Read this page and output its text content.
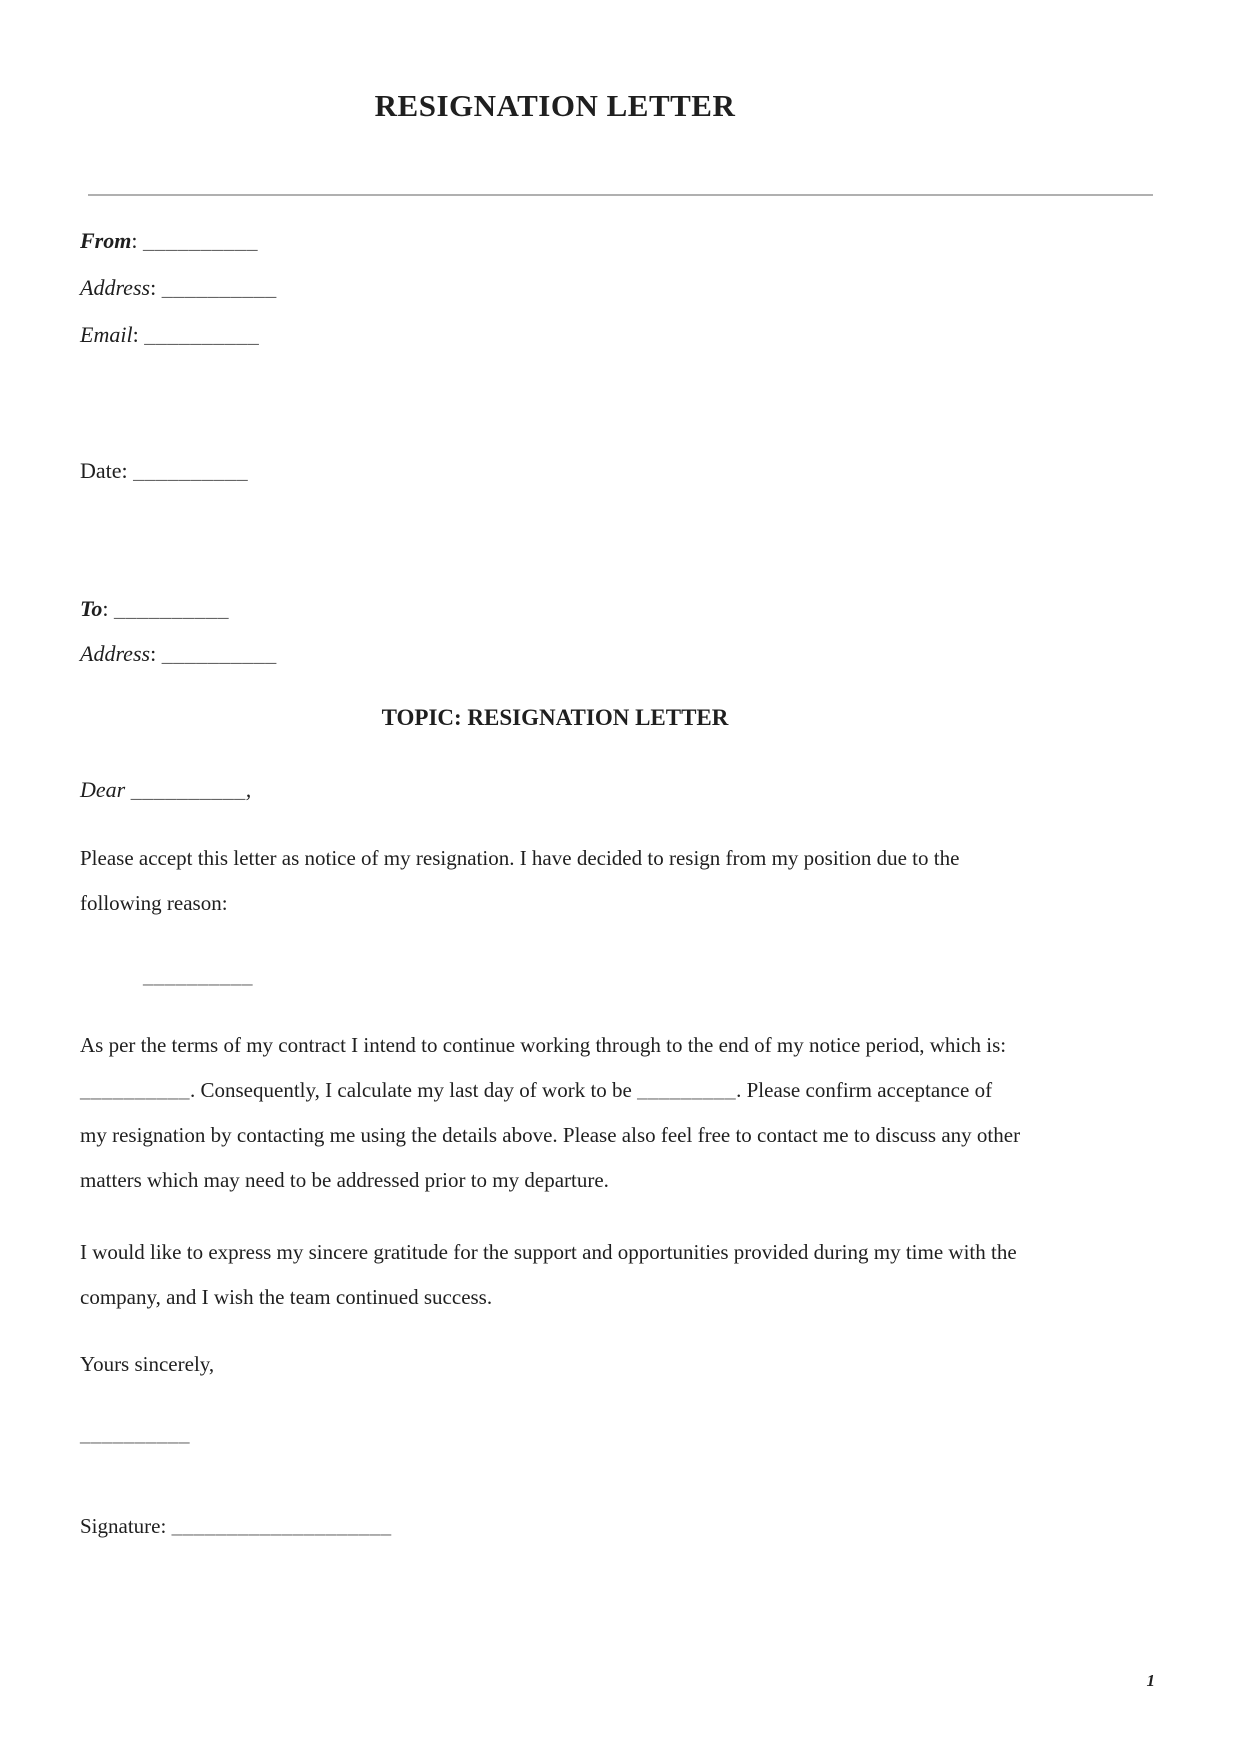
RESIGNATION LETTER

From: __________

Address: __________

Email: __________

Date: __________

To: __________

Address: __________

TOPIC: RESIGNATION LETTER

Dear __________,

Please accept this letter as notice of my resignation. I have decided to resign from my position due to the following reason:

__________

As per the terms of my contract I intend to continue working through to the end of my notice period, which is: __________. Consequently, I calculate my last day of work to be _________. Please confirm acceptance of my resignation by contacting me using the details above. Please also feel free to contact me to discuss any other matters which may need to be addressed prior to my departure.

I would like to express my sincere gratitude for the support and opportunities provided during my time with the company, and I wish the team continued success.

Yours sincerely,

__________

Signature: ____________________

1
